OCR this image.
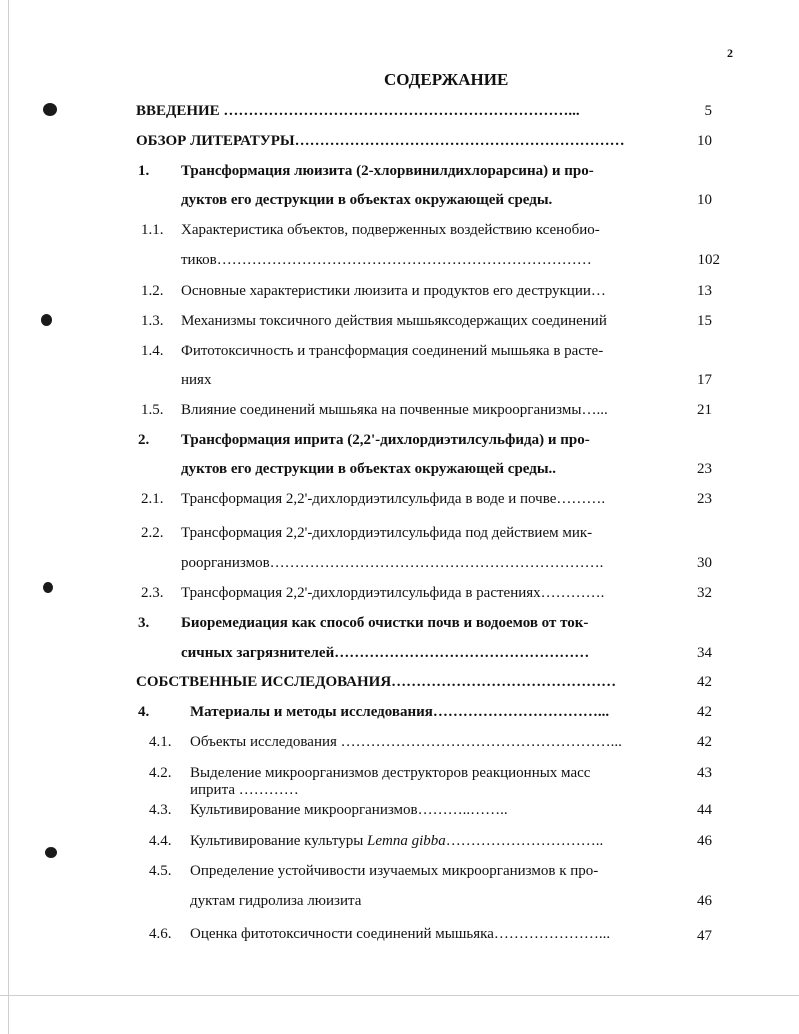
2
СОДЕРЖАНИЕ
ВВЕДЕНИЕ ……………………………………………………………...	5
ОБЗОР ЛИТЕРАТУРЫ…………………………………………………………	10
1. Трансформация люизита (2-хлорвинилдихлорарсина) и про-
дуктов его деструкции в объектах окружающей среды.	10
1.1. Характеристика объектов, подверженных воздействию ксенобио-
тиков…………………………………………………………………	102
1.2. Основные характеристики люизита и продуктов его деструкции…	13
1.3. Механизмы токсичного действия мышьяксодержащих соединений	15
1.4. Фитотоксичность и трансформация соединений мышьяка в расте-
ниях	17
1.5. Влияние соединений мышьяка на почвенные микроорганизмы…...	21
2. Трансформация иприта (2,2'-дихлордиэтилсульфида) и про-
дуктов его деструкции в объектах окружающей среды..	23
2.1. Трансформация 2,2'-дихлордиэтилсульфида в воде и почве……….	23
2.2. Трансформация 2,2'-дихлордиэтилсульфида под действием мик-
роорганизмов………………………………………………………….	30
2.3. Трансформация 2,2'-дихлордиэтилсульфида в растениях………….	32
3. Биоремедиация как способ очистки почв и водоемов от ток-
сичных загрязнителей……………………………………………	34
СОБСТВЕННЫЕ ИССЛЕДОВАНИЯ………………………………………	42
4.	Материалы и методы исследования……………………………...	42
4.1. Объекты исследования ………………………………………………...	42
4.2. Выделение микроорганизмов деструкторов реакционных масс	43
иприта …………
4.3. Культивирование микроорганизмов………..……..	44
4.4. Культивирование культуры Lemna gibba…………………………..	46
4.5. Определение устойчивости изучаемых микроорганизмов к про-
дуктам гидролиза люизита	46
4.6. Оценка фитотоксичности соединений мышьяка…………………...	47
